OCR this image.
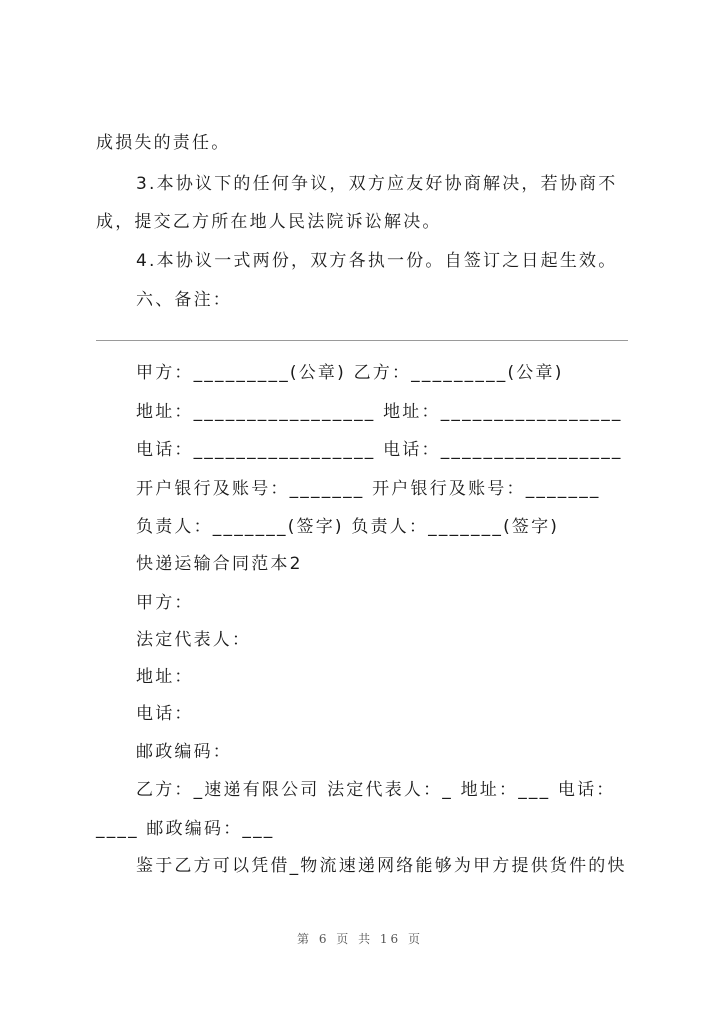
成损失的责任。
3.本协议下的任何争议，双方应友好协商解决，若协商不
成，提交乙方所在地人民法院诉讼解决。
4.本协议一式两份，双方各执一份。自签订之日起生效。
六、备注：
甲方：_________(公章) 乙方：_________(公章)
地址：_________________ 地址：_________________
电话：_________________ 电话：_________________
开户银行及账号：_______ 开户银行及账号：_______
负责人：_______(签字) 负责人：_______(签字)
快递运输合同范本2
甲方：
法定代表人：
地址：
电话：
邮政编码：
乙方：_速递有限公司 法定代表人：_ 地址：___ 电话：
____ 邮政编码：___
鉴于乙方可以凭借_物流速递网络能够为甲方提供货件的快
第 6 页 共 16 页
